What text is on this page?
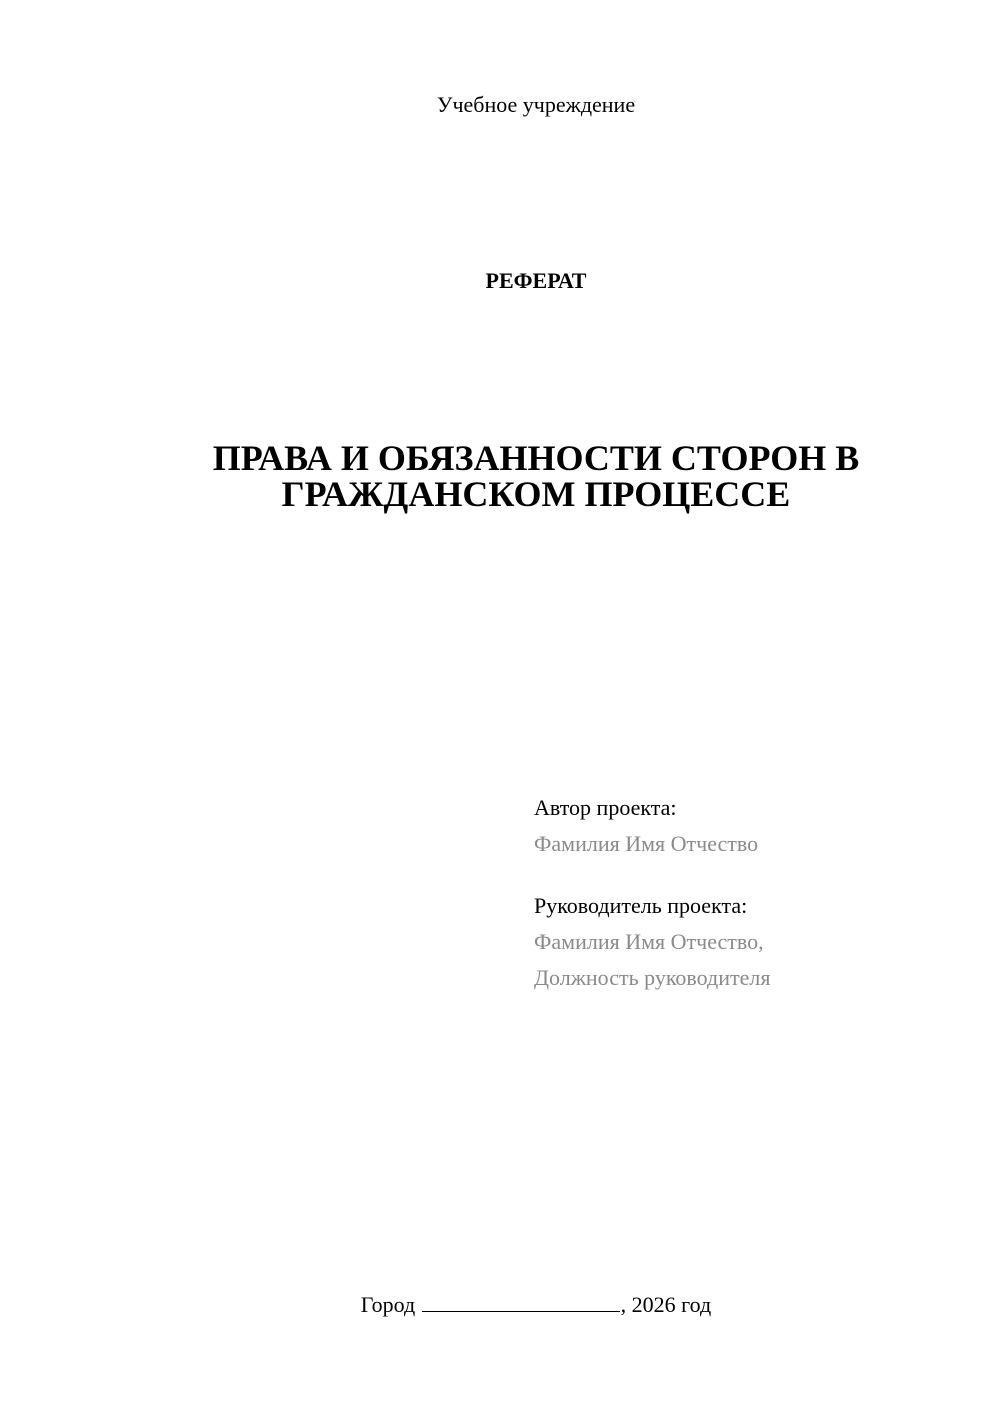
Учебное учреждение
РЕФЕРАТ
ПРАВА И ОБЯЗАННОСТИ СТОРОН В
ГРАЖДАНСКОМ ПРОЦЕССЕ
Автор проекта:
Фамилия Имя Отчество
Руководитель проекта:
Фамилия Имя Отчество,
Должность руководителя
Город	, 2026 год
